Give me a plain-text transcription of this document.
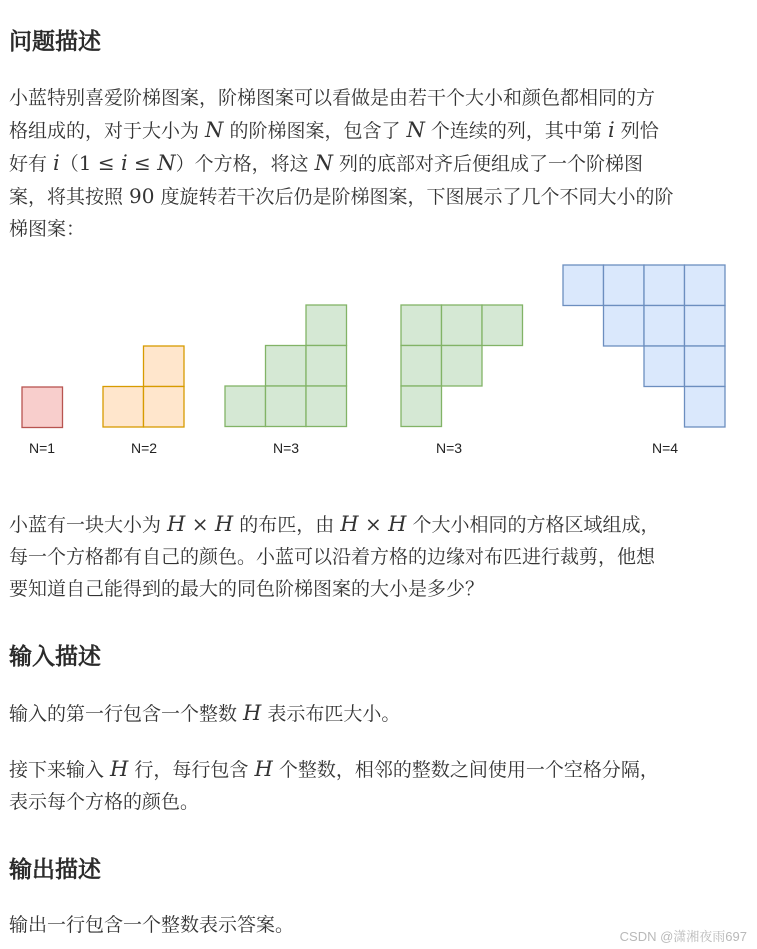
问题描述

小蓝特别喜爱阶梯图案，阶梯图案可以看做是由若干个大小和颜色都相同的方
格组成的，对于大小为 N 的阶梯图案，包含了 N 个连续的列，其中第 i 列恰
好有 i（1 ≤ i ≤ N）个方格，将这 N 列的底部对齐后便组成了一个阶梯图
案，将其按照 90 度旋转若干次后仍是阶梯图案，下图展示了几个不同大小的阶
梯图案：

N=1	N=2	N=3	N=3	N=4

小蓝有一块大小为 H × H 的布匹，由 H × H 个大小相同的方格区域组成，
每一个方格都有自己的颜色。小蓝可以沿着方格的边缘对布匹进行裁剪，他想
要知道自己能得到的最大的同色阶梯图案的大小是多少？

输入描述

输入的第一行包含一个整数 H 表示布匹大小。

接下来输入 H 行，每行包含 H 个整数，相邻的整数之间使用一个空格分隔，
表示每个方格的颜色。

输出描述

输出一行包含一个整数表示答案。

CSDN @潇湘夜雨697
